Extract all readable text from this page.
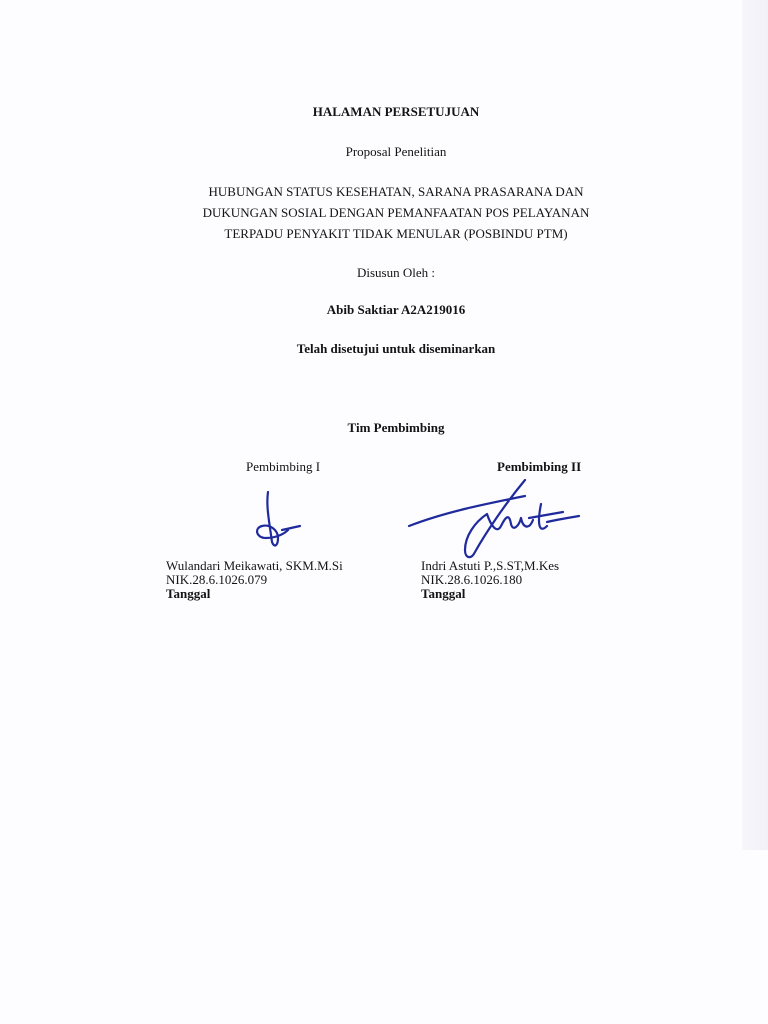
HALAMAN PERSETUJUAN
Proposal Penelitian
HUBUNGAN STATUS KESEHATAN, SARANA PRASARANA DAN
DUKUNGAN SOSIAL DENGAN PEMANFAATAN POS PELAYANAN
TERPADU PENYAKIT TIDAK MENULAR (POSBINDU PTM)
Disusun Oleh :
Abib Saktiar A2A219016
Telah disetujui untuk diseminarkan
Tim Pembimbing
Pembimbing I	Pembimbing II
Wulandari Meikawati, SKM.M.Si
NIK.28.6.1026.079
Tanggal
Indri Astuti P.,S.ST,M.Kes
NIK.28.6.1026.180
Tanggal
